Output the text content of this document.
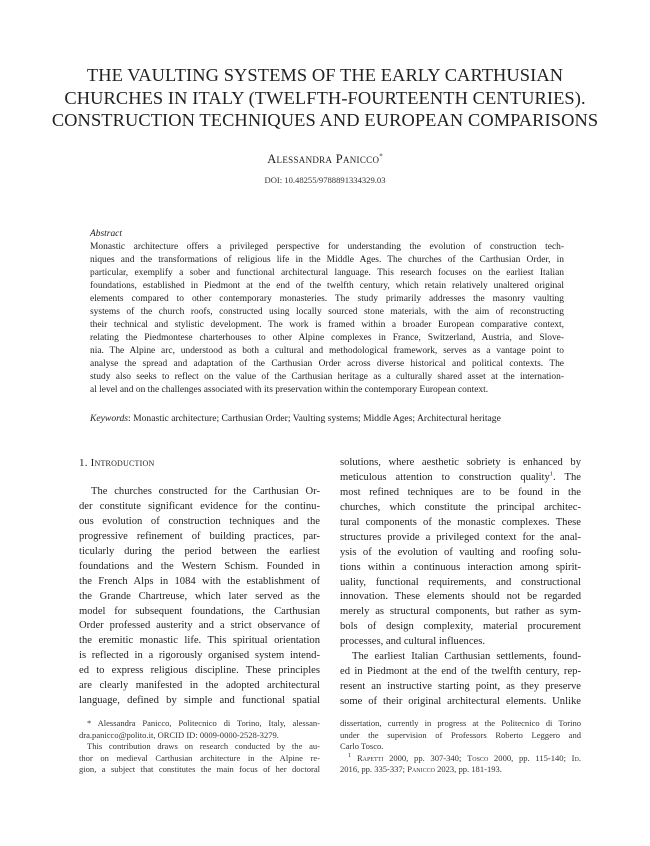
THE VAULTING SYSTEMS OF THE EARLY CARTHUSIAN
CHURCHES IN ITALY (TWELFTH-FOURTEENTH CENTURIES).
CONSTRUCTION TECHNIQUES AND EUROPEAN COMPARISONS
Alessandra Panicco*
DOI: 10.48255/9788891334329.03
Abstract
Monastic architecture offers a privileged perspective for understanding the evolution of construction tech-
niques and the transformations of religious life in the Middle Ages. The churches of the Carthusian Order, in
particular, exemplify a sober and functional architectural language. This research focuses on the earliest Italian
foundations, established in Piedmont at the end of the twelfth century, which retain relatively unaltered original
elements compared to other contemporary monasteries. The study primarily addresses the masonry vaulting
systems of the church roofs, constructed using locally sourced stone materials, with the aim of reconstructing
their technical and stylistic development. The work is framed within a broader European comparative context,
relating the Piedmontese charterhouses to other Alpine complexes in France, Switzerland, Austria, and Slove-
nia. The Alpine arc, understood as both a cultural and methodological framework, serves as a vantage point to
analyse the spread and adaptation of the Carthusian Order across diverse historical and political contexts. The
study also seeks to reflect on the value of the Carthusian heritage as a culturally shared asset at the internation-
al level and on the challenges associated with its preservation within the contemporary European context.
Keywords: Monastic architecture; Carthusian Order; Vaulting systems; Middle Ages; Architectural heritage
1. Introduction
The churches constructed for the Carthusian Or-
der constitute significant evidence for the continu-
ous evolution of construction techniques and the
progressive refinement of building practices, par-
ticularly during the period between the earliest
foundations and the Western Schism. Founded in
the French Alps in 1084 with the establishment of
the Grande Chartreuse, which later served as the
model for subsequent foundations, the Carthusian
Order professed austerity and a strict observance of
the eremitic monastic life. This spiritual orientation
is reflected in a rigorously organised system intend-
ed to express religious discipline. These principles
are clearly manifested in the adopted architectural
language, defined by simple and functional spatial
solutions, where aesthetic sobriety is enhanced by
meticulous attention to construction quality$^1$. The
most refined techniques are to be found in the
churches, which constitute the principal architec-
tural components of the monastic complexes. These
structures provide a privileged context for the anal-
ysis of the evolution of vaulting and roofing solu-
tions within a continuous interaction among spirit-
uality, functional requirements, and constructional
innovation. These elements should not be regarded
merely as structural components, but rather as sym-
bols of design complexity, material procurement
processes, and cultural influences.
The earliest Italian Carthusian settlements, found-
ed in Piedmont at the end of the twelfth century, rep-
resent an instructive starting point, as they preserve
some of their original architectural elements. Unlike
* Alessandra Panicco, Politecnico di Torino, Italy, alessan-
dra.panicco@polito.it, ORCID ID: 0009-0000-2528-3279.
This contribution draws on research conducted by the au-
thor on medieval Carthusian architecture in the Alpine re-
gion, a subject that constitutes the main focus of her doctoral
dissertation, currently in progress at the Politecnico di Torino
under the supervision of Professors Roberto Leggero and
Carlo Tosco.
$^1$ Rapetti 2000, pp. 307-340; Tosco 2000, pp. 115-140; Id.
2016, pp. 335-337; Panicco 2023, pp. 181-193.
